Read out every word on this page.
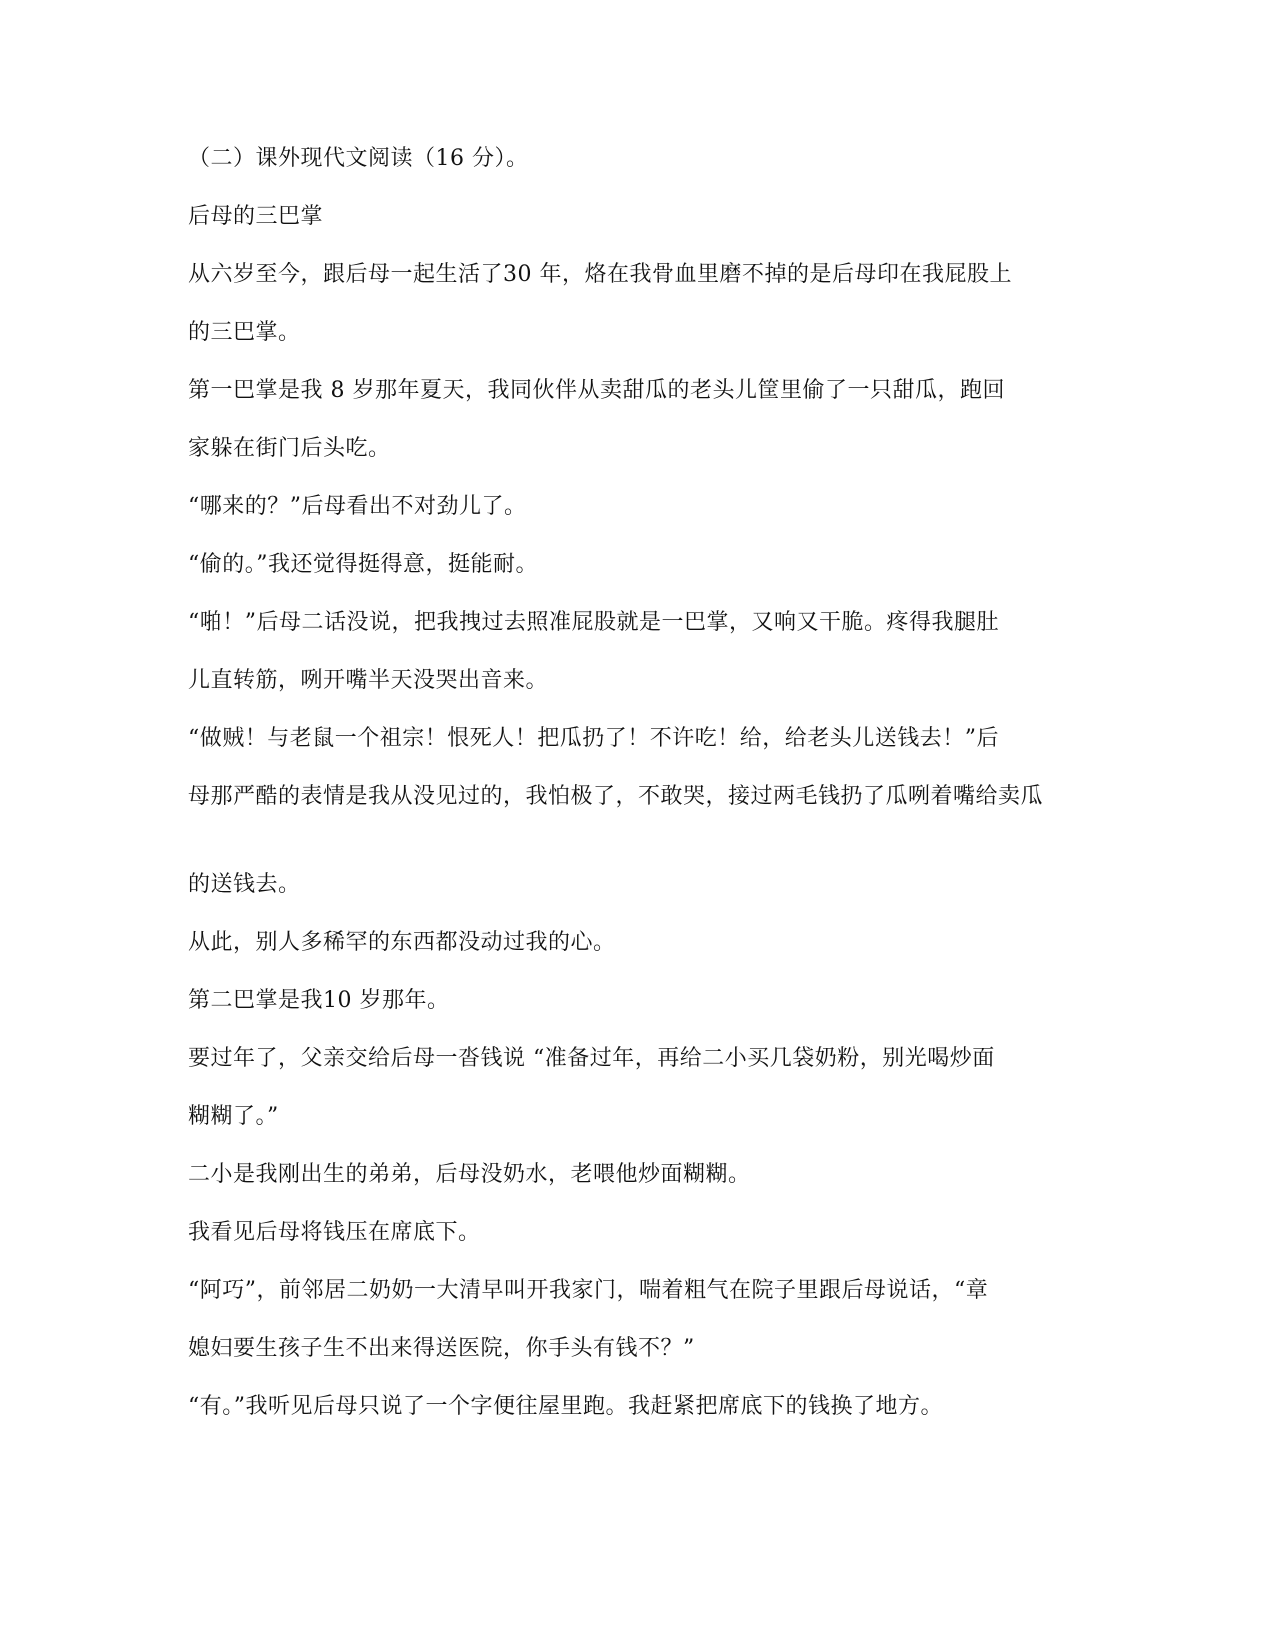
（二）课外现代文阅读（16 分）。
后母的三巴掌
从六岁至今，跟后母一起生活了30 年，烙在我骨血里磨不掉的是后母印在我屁股上
的三巴掌。
第一巴掌是我 8 岁那年夏天，我同伙伴从卖甜瓜的老头儿筐里偷了一只甜瓜，跑回
家躲在街门后头吃。
“哪来的？”后母看出不对劲儿了。
“偷的。”我还觉得挺得意，挺能耐。
“啪！”后母二话没说，把我拽过去照准屁股就是一巴掌，又响又干脆。疼得我腿肚
儿直转筋，咧开嘴半天没哭出音来。
“做贼！与老鼠一个祖宗！恨死人！把瓜扔了！不许吃！给，给老头儿送钱去！”后
母那严酷的表情是我从没见过的，我怕极了，不敢哭，接过两毛钱扔了瓜咧着嘴给卖瓜
的送钱去。
从此，别人多稀罕的东西都没动过我的心。
第二巴掌是我10 岁那年。
要过年了，父亲交给后母一沓钱说 “准备过年，再给二小买几袋奶粉，别光喝炒面
糊糊了。”
二小是我刚出生的弟弟，后母没奶水，老喂他炒面糊糊。
我看见后母将钱压在席底下。
“阿巧”，前邻居二奶奶一大清早叫开我家门，喘着粗气在院子里跟后母说话，“章
媳妇要生孩子生不出来得送医院，你手头有钱不？”
“有。”我听见后母只说了一个字便往屋里跑。我赶紧把席底下的钱换了地方。
